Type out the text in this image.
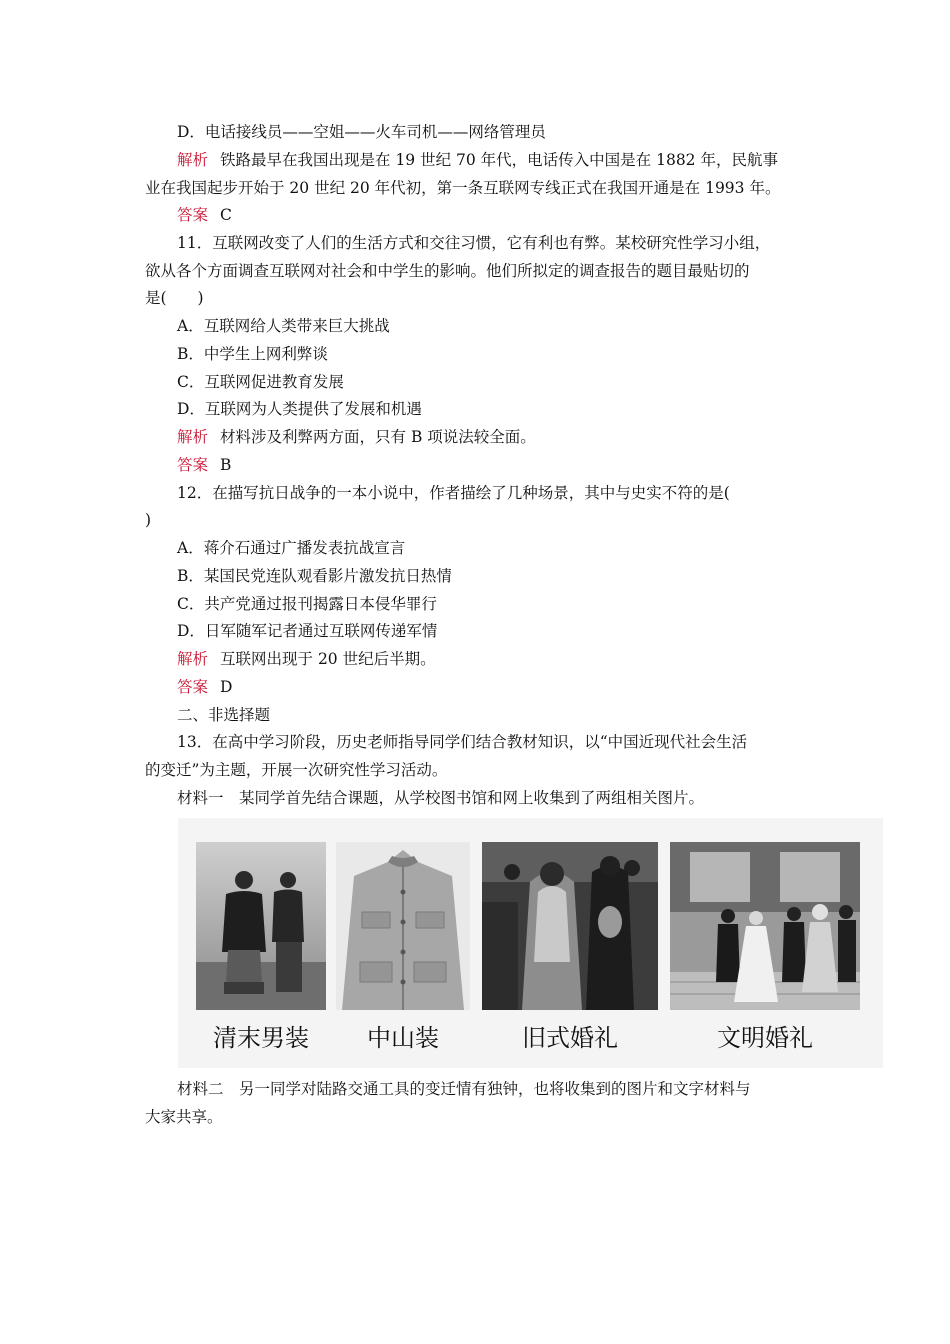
D．电话接线员——空姐——火车司机——网络管理员
解析 铁路最早在我国出现是在 19 世纪 70 年代，电话传入中国是在 1882 年，民航事
业在我国起步开始于 20 世纪 20 年代初，第一条互联网专线正式在我国开通是在 1993 年。
答案 C
11．互联网改变了人们的生活方式和交往习惯，它有利也有弊。某校研究性学习小组，
欲从各个方面调查互联网对社会和中学生的影响。他们所拟定的调查报告的题目最贴切的
是(　　)
A．互联网给人类带来巨大挑战
B．中学生上网利弊谈
C．互联网促进教育发展
D．互联网为人类提供了发展和机遇
解析 材料涉及利弊两方面，只有 B 项说法较全面。
答案 B
12．在描写抗日战争的一本小说中，作者描绘了几种场景，其中与史实不符的是(
)
A．蒋介石通过广播发表抗战宣言
B．某国民党连队观看影片激发抗日热情
C．共产党通过报刊揭露日本侵华罪行
D．日军随军记者通过互联网传递军情
解析 互联网出现于 20 世纪后半期。
答案 D
二、非选择题
13．在高中学习阶段，历史老师指导同学们结合教材知识，以“中国近现代社会生活
的变迁”为主题，开展一次研究性学习活动。
材料一　某同学首先结合课题，从学校图书馆和网上收集到了两组相关图片。
清末男装	中山装	旧式婚礼	文明婚礼
材料二　另一同学对陆路交通工具的变迁情有独钟，也将收集到的图片和文字材料与
大家共享。
